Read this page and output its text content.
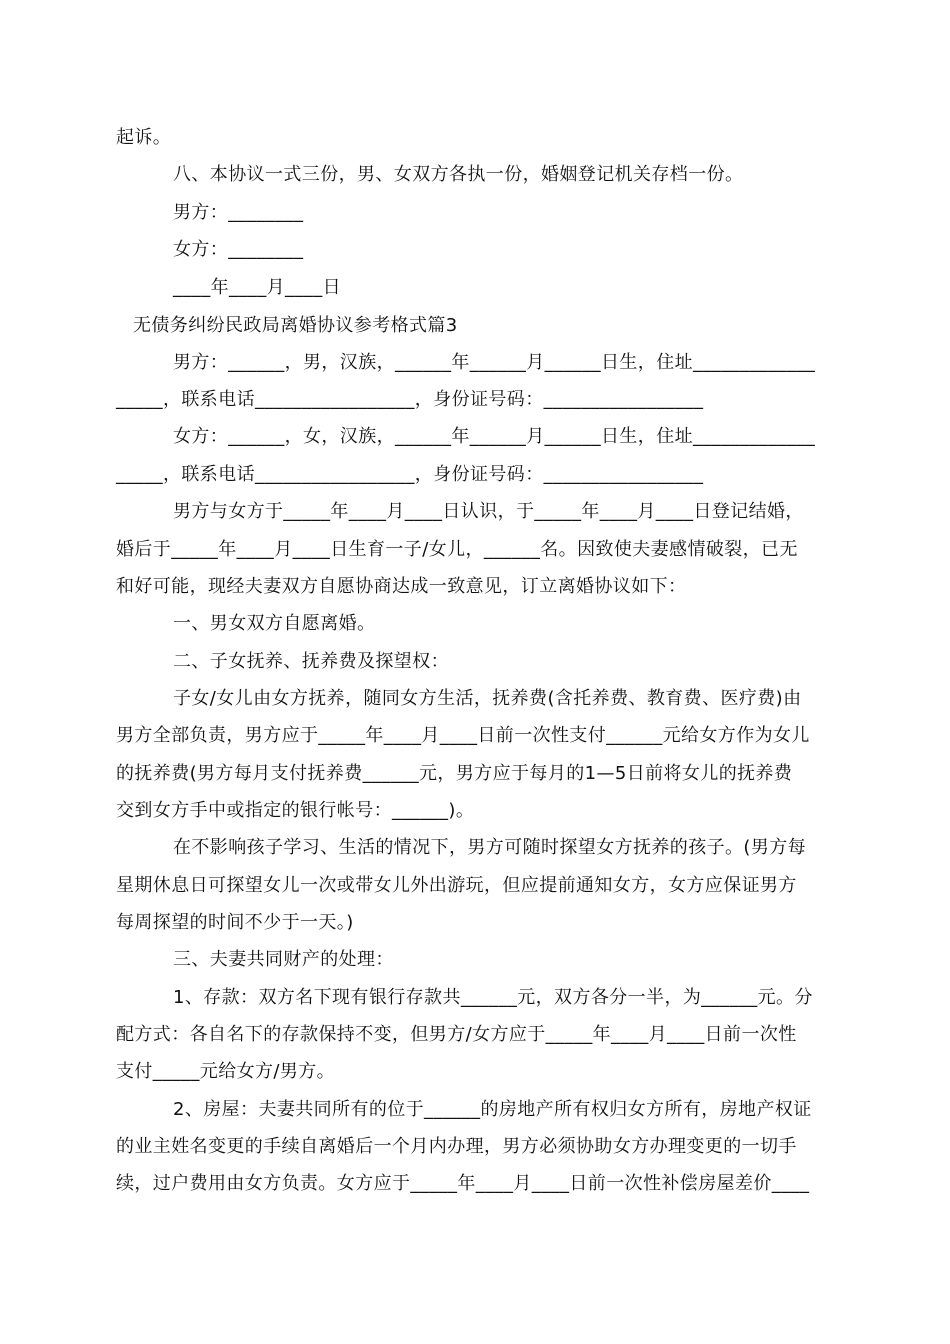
起诉。
八、本协议一式三份，男、女双方各执一份，婚姻登记机关存档一份。
男方：________
女方：________
____年____月____日
无债务纠纷民政局离婚协议参考格式篇3
男方：______，男，汉族，______年______月______日生，住址_____________
_____，联系电话_________________，身份证号码：_________________
女方：______，女，汉族，______年______月______日生，住址_____________
_____，联系电话_________________，身份证号码：_________________
男方与女方于_____年____月____日认识，于_____年____月____日登记结婚，
婚后于_____年____月____日生育一子/女儿，______名。因致使夫妻感情破裂，已无
和好可能，现经夫妻双方自愿协商达成一致意见，订立离婚协议如下：
一、男女双方自愿离婚。
二、子女抚养、抚养费及探望权：
子女/女儿由女方抚养，随同女方生活，抚养费(含托养费、教育费、医疗费)由
男方全部负责，男方应于_____年____月____日前一次性支付______元给女方作为女儿
的抚养费(男方每月支付抚养费______元，男方应于每月的1—5日前将女儿的抚养费
交到女方手中或指定的银行帐号：______)。
在不影响孩子学习、生活的情况下，男方可随时探望女方抚养的孩子。(男方每
星期休息日可探望女儿一次或带女儿外出游玩，但应提前通知女方，女方应保证男方
每周探望的时间不少于一天。)
三、夫妻共同财产的处理：
1、存款：双方名下现有银行存款共______元，双方各分一半，为______元。分
配方式：各自名下的存款保持不变，但男方/女方应于_____年____月____日前一次性
支付_____元给女方/男方。
2、房屋：夫妻共同所有的位于______的房地产所有权归女方所有，房地产权证
的业主姓名变更的手续自离婚后一个月内办理，男方必须协助女方办理变更的一切手
续，过户费用由女方负责。女方应于_____年____月____日前一次性补偿房屋差价____
